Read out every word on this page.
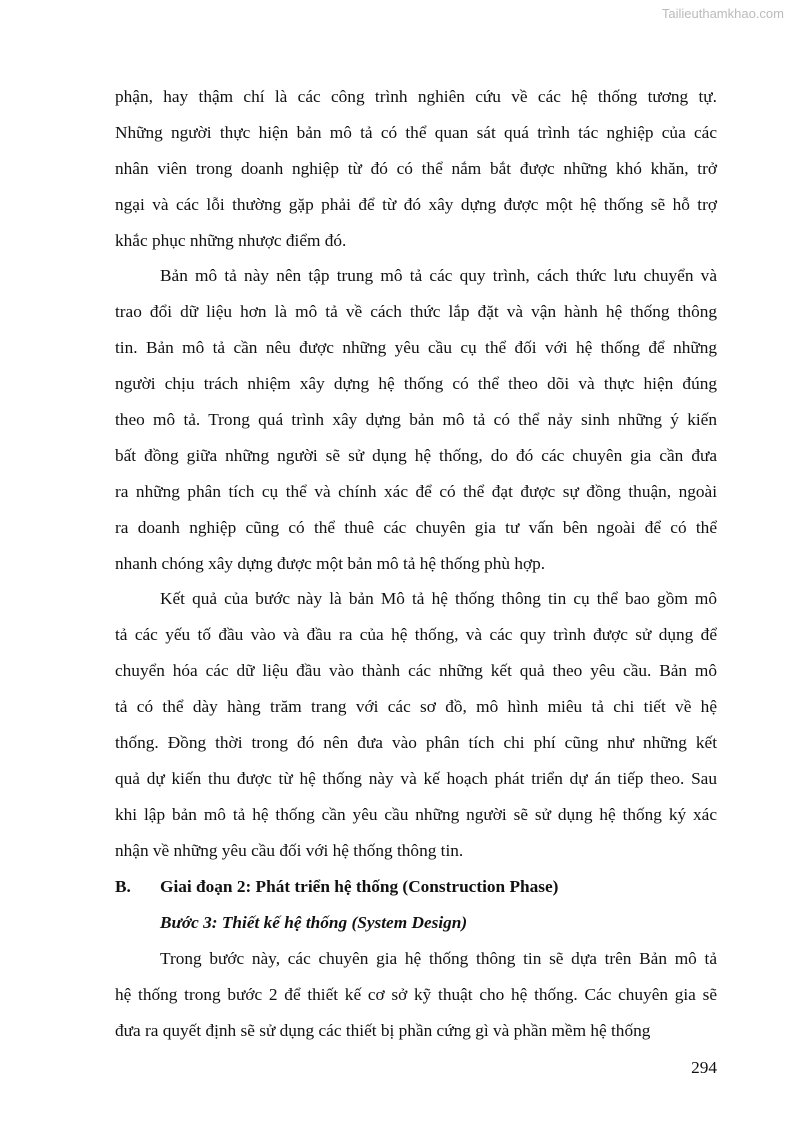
Tailieuthamkhao.com
phận, hay thậm chí là các công trình nghiên cứu về các hệ thống tương tự.
Những người thực hiện bản mô tả có thể quan sát quá trình tác nghiệp của các
nhân viên trong doanh nghiệp từ đó có thể nắm bắt được những khó khăn, trở
ngại và các lỗi thường gặp phải để từ đó xây dựng được một hệ thống sẽ hỗ trợ
khắc phục những nhược điểm đó.
Bản mô tả này nên tập trung mô tả các quy trình, cách thức lưu chuyển và
trao đổi dữ liệu hơn là mô tả về cách thức lắp đặt và vận hành hệ thống thông
tin. Bản mô tả cần nêu được những yêu cầu cụ thể đối với hệ thống để những
người chịu trách nhiệm xây dựng hệ thống có thể theo dõi và thực hiện đúng
theo mô tả. Trong quá trình xây dựng bản mô tả có thể nảy sinh những ý kiến
bất đồng giữa những người sẽ sử dụng hệ thống, do đó các chuyên gia cần đưa
ra những phân tích cụ thể và chính xác để có thể đạt được sự đồng thuận, ngoài
ra doanh nghiệp cũng có thể thuê các chuyên gia tư vấn bên ngoài để có thể
nhanh chóng xây dựng được một bản mô tả hệ thống phù hợp.
Kết quả của bước này là bản Mô tả hệ thống thông tin cụ thể bao gồm mô
tả các yếu tố đầu vào và đầu ra của hệ thống, và các quy trình được sử dụng để
chuyển hóa các dữ liệu đầu vào thành các những kết quả theo yêu cầu. Bản mô
tả có thể dày hàng trăm trang với các sơ đồ, mô hình miêu tả chi tiết về hệ
thống. Đồng thời trong đó nên đưa vào phân tích chi phí cũng như những kết
quả dự kiến thu được từ hệ thống này và kế hoạch phát triển dự án tiếp theo. Sau
khi lập bản mô tả hệ thống cần yêu cầu những người sẽ sử dụng hệ thống ký xác
nhận về những yêu cầu đối với hệ thống thông tin.
Trong bước này, các chuyên gia hệ thống thông tin sẽ dựa trên Bản mô tả
hệ thống trong bước 2 để thiết kế cơ sở kỹ thuật cho hệ thống. Các chuyên gia sẽ
đưa ra quyết định sẽ sử dụng các thiết bị phần cứng gì và phần mềm hệ thống
B. Giai đoạn 2: Phát triển hệ thống (Construction Phase)
Bước 3: Thiết kế hệ thống (System Design)
294
